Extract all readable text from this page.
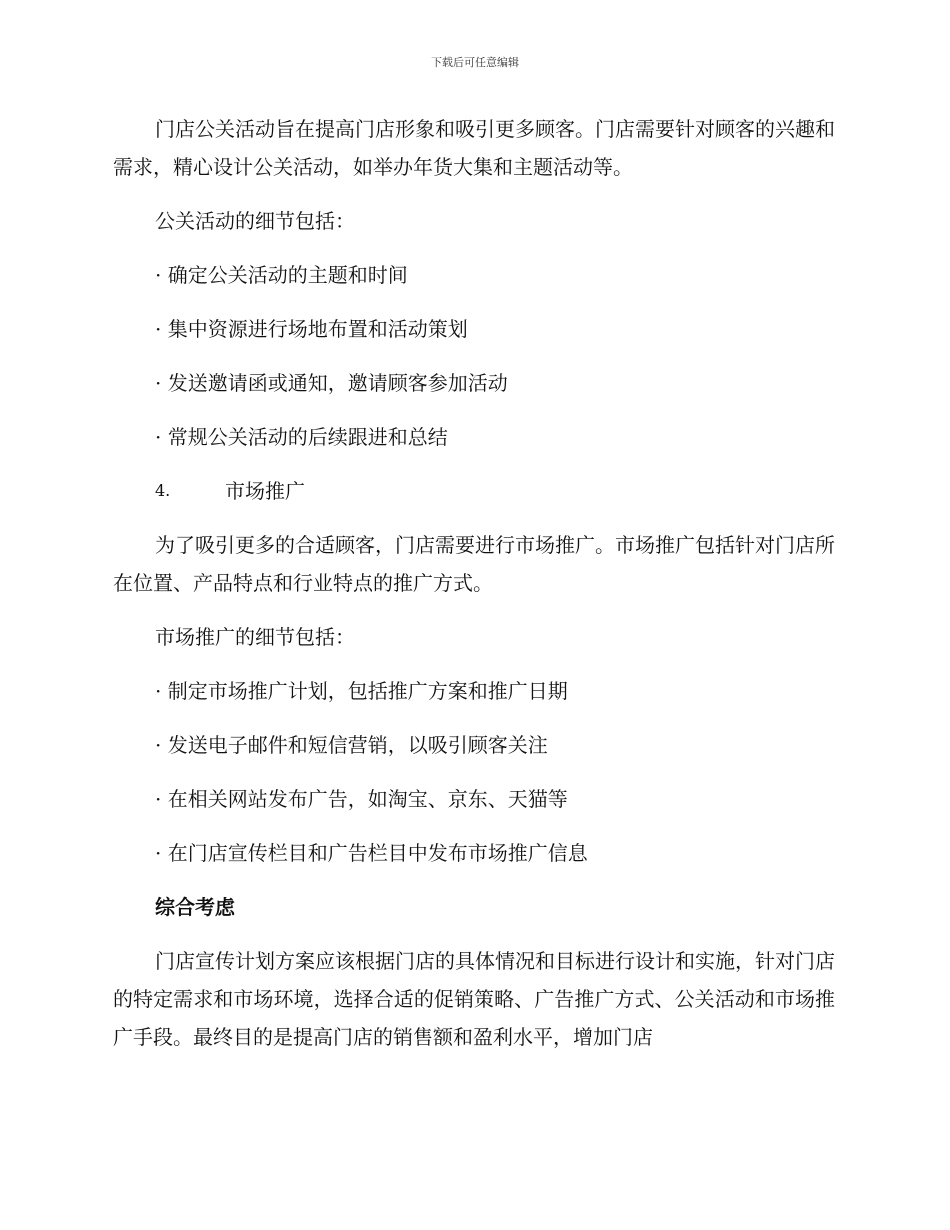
下载后可任意编辑

门店公关活动旨在提高门店形象和吸引更多顾客。门店需要针对顾客的兴趣和需求，精心设计公关活动，如举办年货大集和主题活动等。

公关活动的细节包括：

· 确定公关活动的主题和时间

· 集中资源进行场地布置和活动策划

· 发送邀请函或通知，邀请顾客参加活动

· 常规公关活动的后续跟进和总结

4.	市场推广

为了吸引更多的合适顾客，门店需要进行市场推广。市场推广包括针对门店所在位置、产品特点和行业特点的推广方式。

市场推广的细节包括：

· 制定市场推广计划，包括推广方案和推广日期

· 发送电子邮件和短信营销，以吸引顾客关注

· 在相关网站发布广告，如淘宝、京东、天猫等

· 在门店宣传栏目和广告栏目中发布市场推广信息

综合考虑

门店宣传计划方案应该根据门店的具体情况和目标进行设计和实施，针对门店的特定需求和市场环境，选择合适的促销策略、广告推广方式、公关活动和市场推广手段。最终目的是提高门店的销售额和盈利水平，增加门店
